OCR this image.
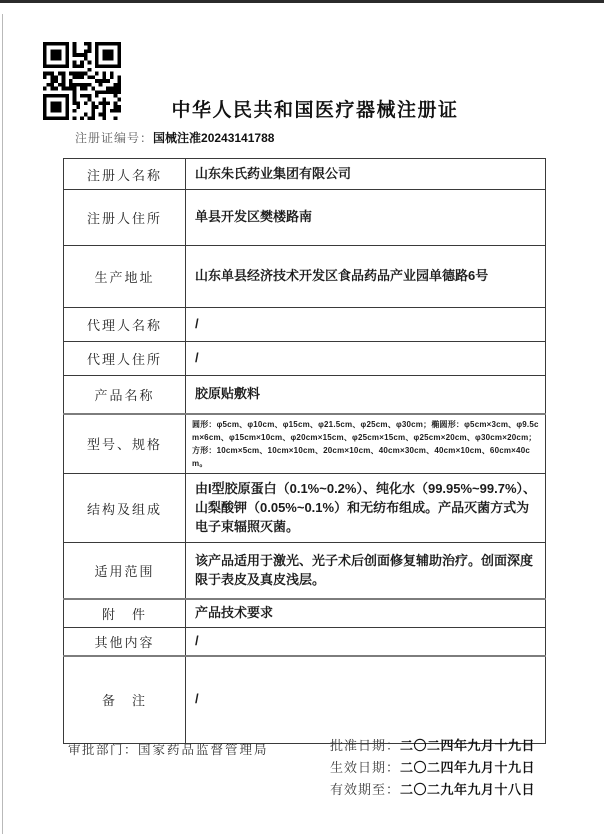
中华人民共和国医疗器械注册证
注册证编号：国械注准20243141788
注册人名称	山东朱氏药业集团有限公司
注册人住所	单县开发区樊楼路南
生产地址	山东单县经济技术开发区食品药品产业园单德路6号
代理人名称	/
代理人住所	/
产品名称	胶原贴敷料
型号、规格	圆形：φ5cm、φ10cm、φ15cm、φ21.5cm、φ25cm、φ30cm；椭圆形：φ5cm×3cm、φ9.5cm×6cm、φ15cm×10cm、φ20cm×15cm、φ25cm×15cm、φ25cm×20cm、φ30cm×20cm；方形：10cm×5cm、10cm×10cm、20cm×10cm、40cm×30cm、40cm×10cm、60cm×40cm。
结构及组成	由I型胶原蛋白（0.1%~0.2%）、纯化水（99.95%~99.7%）、山梨酸钾（0.05%~0.1%）和无纺布组成。产品灭菌方式为电子束辐照灭菌。
适用范围	该产品适用于激光、光子术后创面修复辅助治疗。创面深度限于表皮及真皮浅层。
附　件	产品技术要求
其他内容	/
备　注	/
审批部门：国家药品监督管理局	批准日期：二〇二四年九月十九日
生效日期：二〇二四年九月十九日
有效期至：二〇二九年九月十八日
